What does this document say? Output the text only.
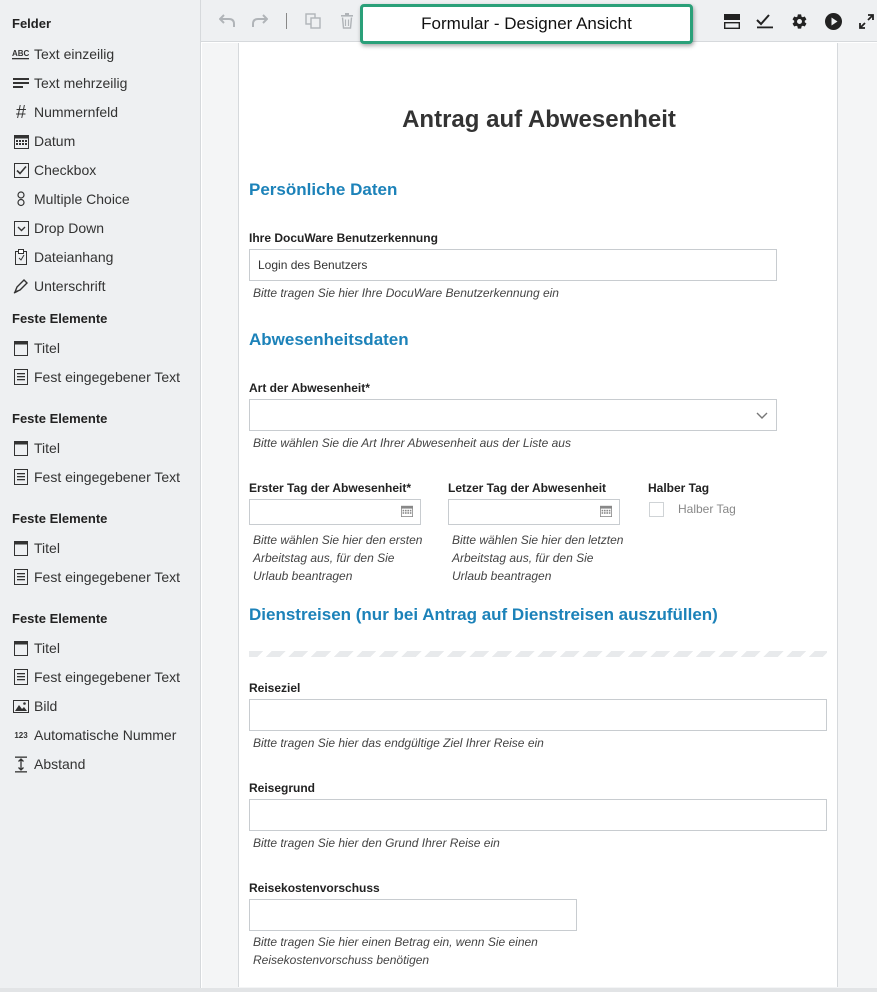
Felder
ABC Text einzeilig
Text mehrzeilig
# Nummernfeld
Datum
Checkbox
Multiple Choice
Drop Down
Dateianhang
Unterschrift
Feste Elemente
Titel
Fest eingegebener Text
Feste Elemente
Titel
Fest eingegebener Text
Feste Elemente
Titel
Fest eingegebener Text
Feste Elemente
Titel
Fest eingegebener Text
Bild
123 Automatische Nummer
Abstand
Formular - Designer Ansicht
Antrag auf Abwesenheit
Persönliche Daten
Ihre DocuWare Benutzerkennung
Login des Benutzers
Bitte tragen Sie hier Ihre DocuWare Benutzerkennung ein
Abwesenheitsdaten
Art der Abwesenheit*
Bitte wählen Sie die Art Ihrer Abwesenheit aus der Liste aus
Erster Tag der Abwesenheit*
Bitte wählen Sie hier den ersten
Arbeitstag aus, für den Sie
Urlaub beantragen
Letzer Tag der Abwesenheit
Bitte wählen Sie hier den letzten
Arbeitstag aus, für den Sie
Urlaub beantragen
Halber Tag
Halber Tag
Dienstreisen (nur bei Antrag auf Dienstreisen auszufüllen)
Reiseziel
Bitte tragen Sie hier das endgültige Ziel Ihrer Reise ein
Reisegrund
Bitte tragen Sie hier den Grund Ihrer Reise ein
Reisekostenvorschuss
Bitte tragen Sie hier einen Betrag ein, wenn Sie einen
Reisekostenvorschuss benötigen
